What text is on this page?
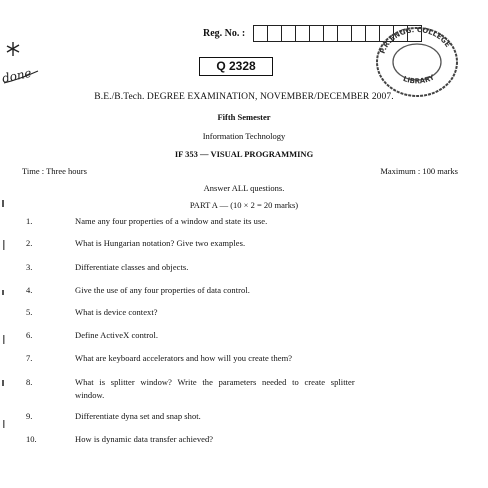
done
Reg. No. :
P.R.ENGG. COLLEGE
LIBRARY
Q 2328
B.E./B.Tech. DEGREE EXAMINATION, NOVEMBER/DECEMBER 2007.
Fifth Semester
Information Technology
IF 353 — VISUAL PROGRAMMING
Time : Three hours	Maximum : 100 marks
Answer ALL questions.
PART A — (10 × 2 = 20 marks)
1.	Name any four properties of a window and state its use.
2.	What is Hungarian notation? Give two examples.
3.	Differentiate classes and objects.
4.	Give the use of any four properties of data control.
5.	What is device context?
6.	Define ActiveX control.
7.	What are keyboard accelerators and how will you create them?
8.	What is splitter window? Write the parameters needed to create splitter
window.
9.	Differentiate dyna set and snap shot.
10.	How is dynamic data transfer achieved?
